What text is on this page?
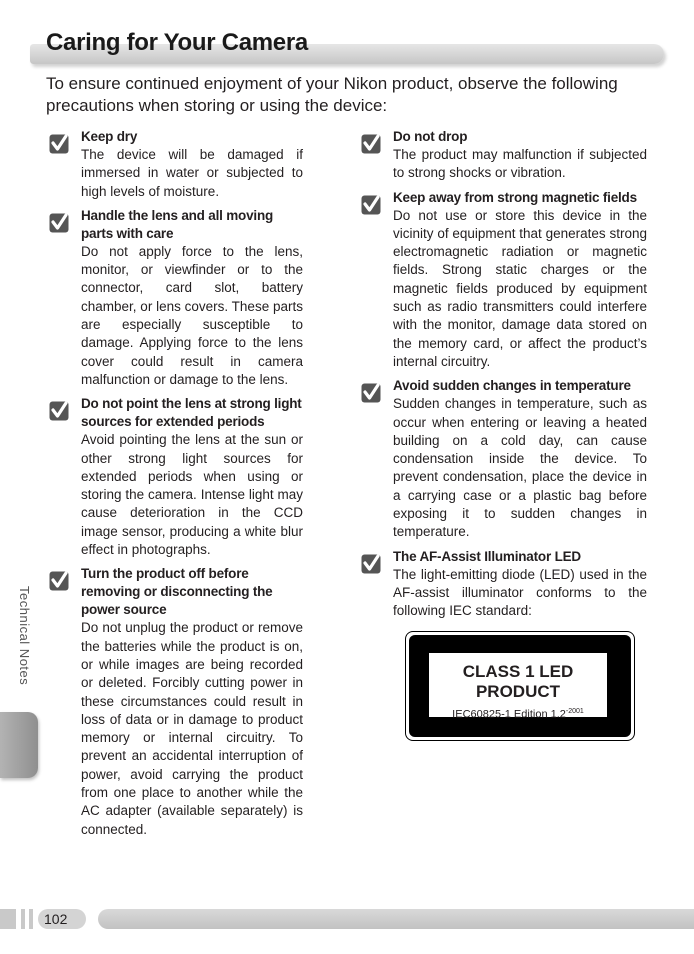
Caring for Your Camera
To ensure continued enjoyment of your Nikon product, observe the following precautions when storing or using the device:
Keep dry
The device will be damaged if immersed in water or subjected to high levels of moisture.
Handle the lens and all moving parts with care
Do not apply force to the lens, monitor, or viewfinder or to the connector, card slot, battery chamber, or lens covers. These parts are especially susceptible to damage. Applying force to the lens cover could result in camera malfunction or damage to the lens.
Do not point the lens at strong light sources for extended periods
Avoid pointing the lens at the sun or other strong light sources for extended periods when using or storing the camera. Intense light may cause deterioration in the CCD image sensor, producing a white blur effect in photographs.
Turn the product off before removing or disconnecting the power source
Do not unplug the product or remove the batteries while the product is on, or while images are being recorded or deleted. Forcibly cutting power in these circumstances could result in loss of data or in damage to product memory or internal circuitry. To prevent an accidental interruption of power, avoid carrying the product from one place to another while the AC adapter (available separately) is connected.
Do not drop
The product may malfunction if subjected to strong shocks or vibration.
Keep away from strong magnetic fields
Do not use or store this device in the vicinity of equipment that generates strong electromagnetic radiation or magnetic fields. Strong static charges or the magnetic fields produced by equipment such as radio transmitters could interfere with the monitor, damage data stored on the memory card, or affect the product’s internal circuitry.
Avoid sudden changes in temperature
Sudden changes in temperature, such as occur when entering or leaving a heated building on a cold day, can cause condensation inside the device. To prevent condensation, place the device in a carrying case or a plastic bag before exposing it to sudden changes in temperature.
The AF-Assist Illuminator LED
The light-emitting diode (LED) used in the AF-assist illuminator conforms to the following IEC standard:
CLASS 1 LED PRODUCT
IEC60825-1 Edition $1.2^{-2001}$
Technical Notes
102
